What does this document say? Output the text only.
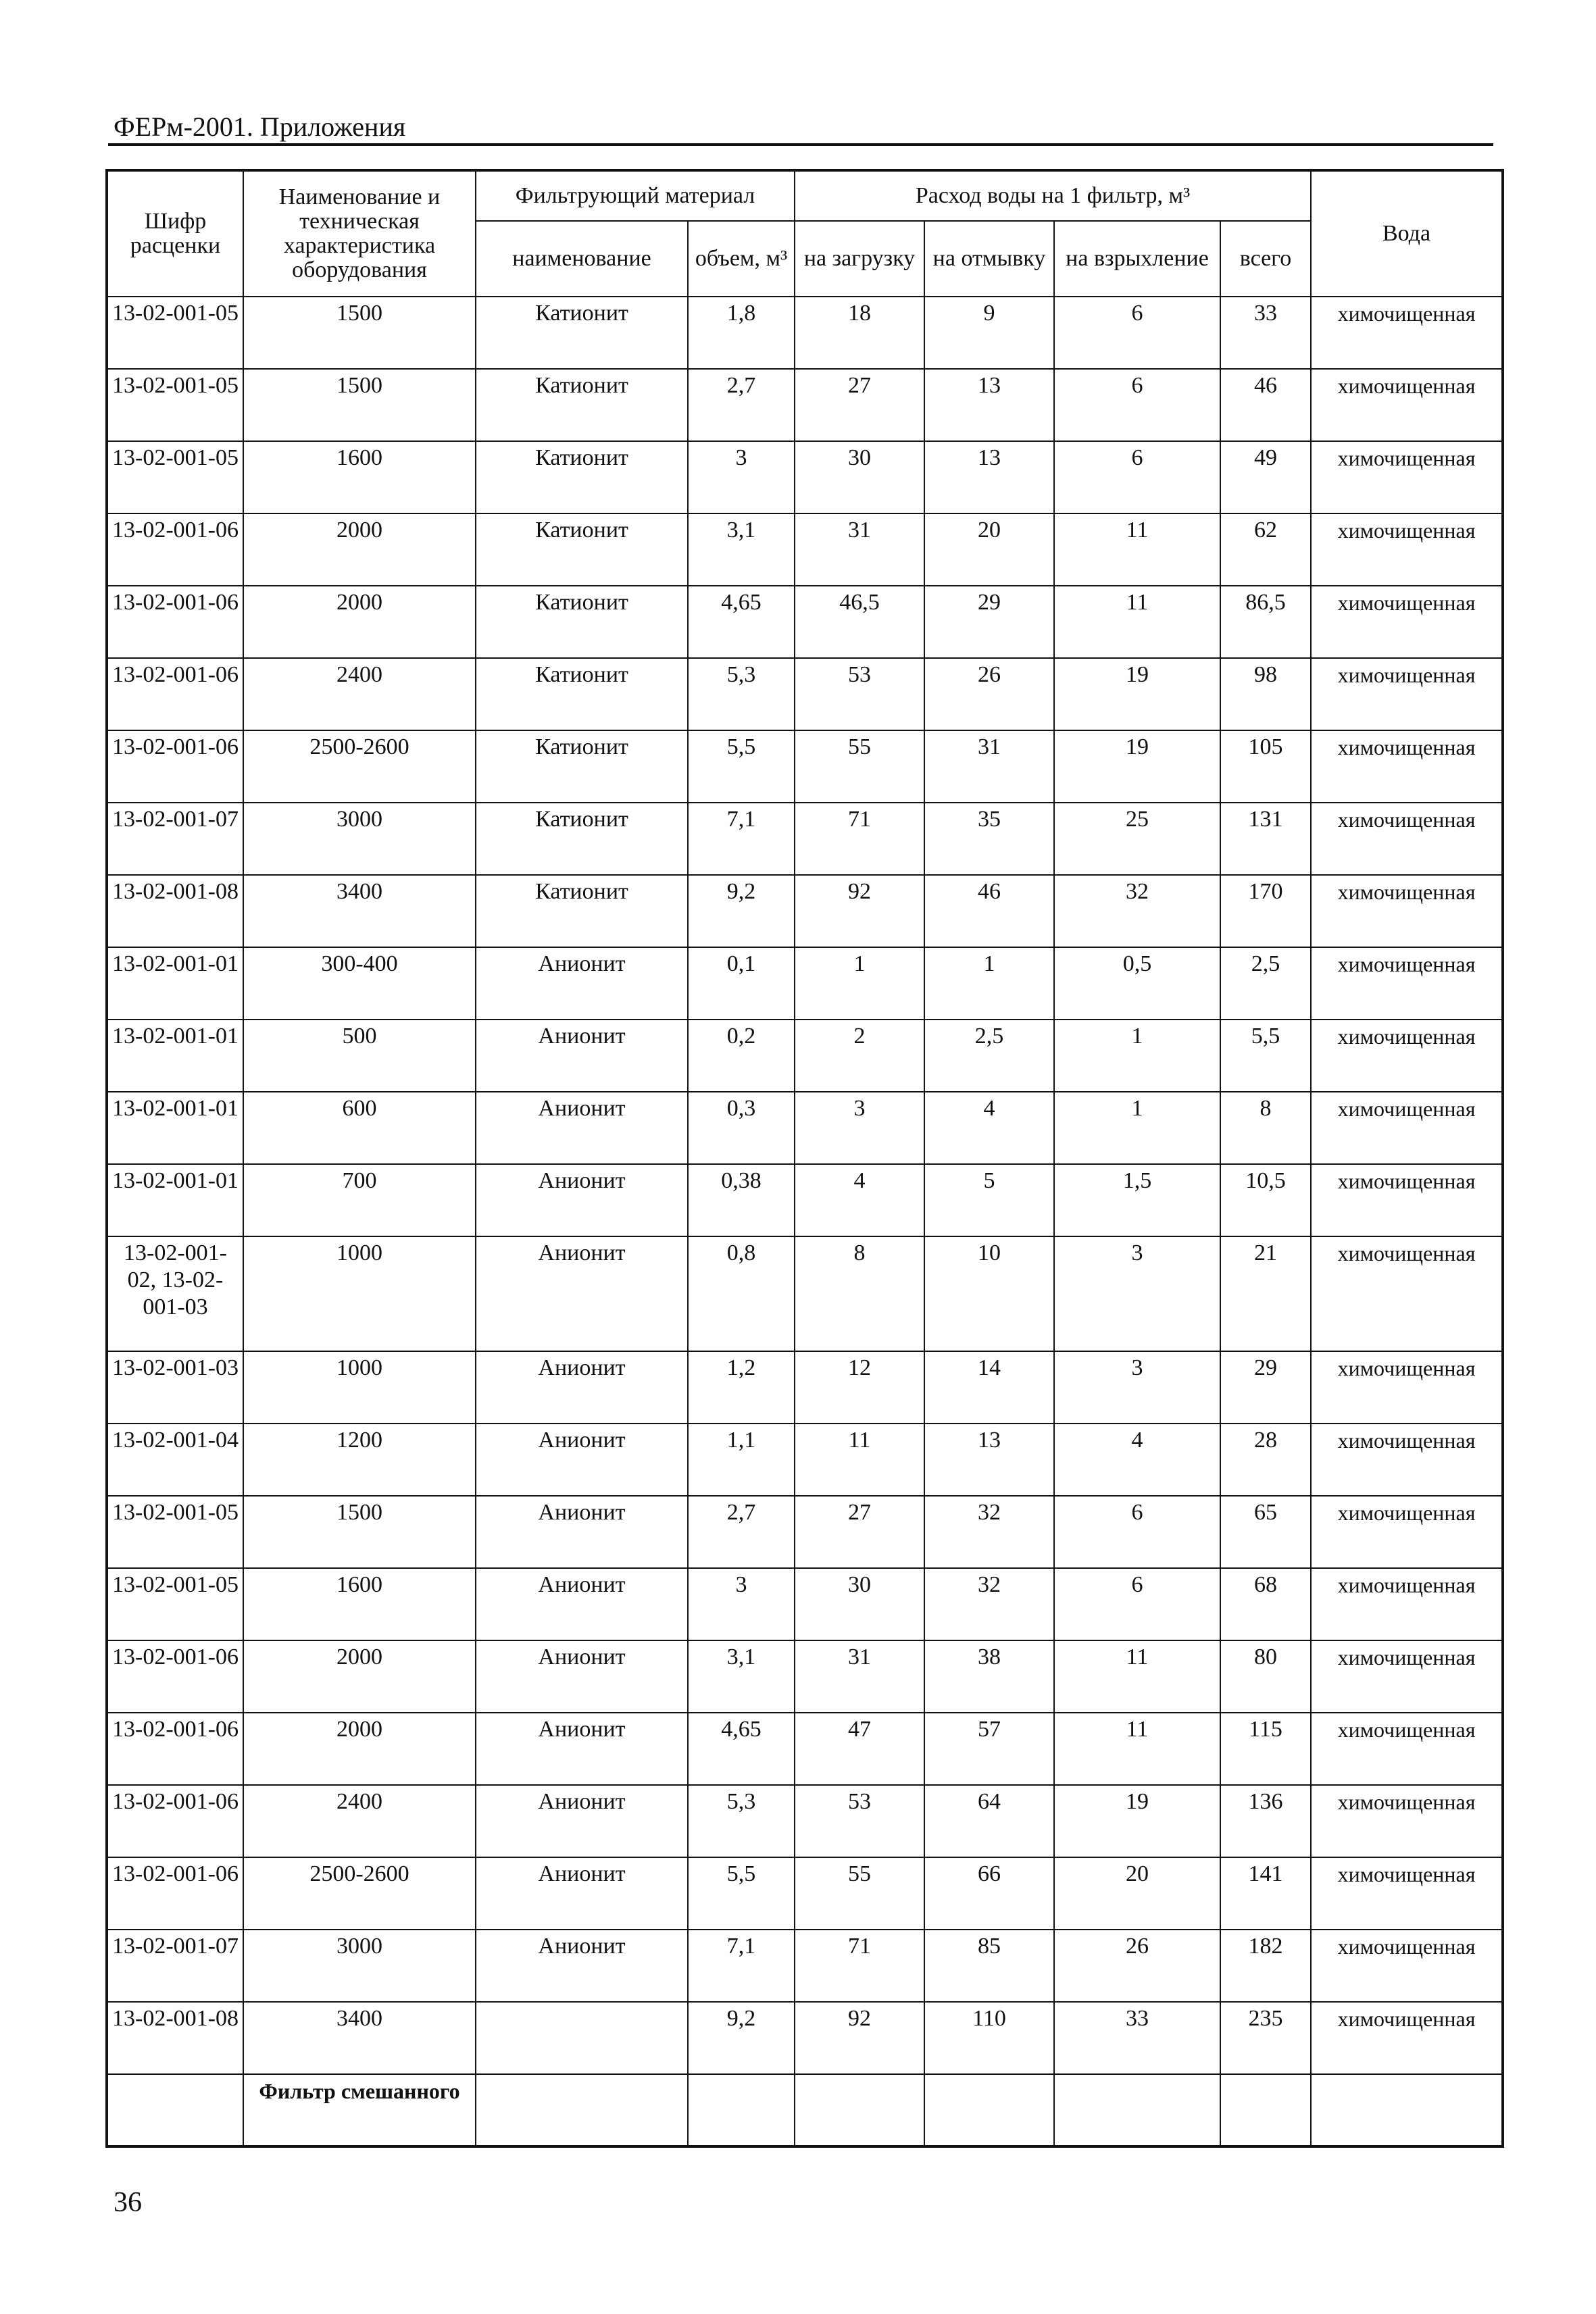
ФЕРм-2001. Приложения
Шифр расценки	Наименование и техническая характеристика оборудования	Фильтрующий материал		Расход воды на 1 фильтр, м³				Вода
		наименование	объем, м³	на загрузку	на отмывку	на взрыхление	всего	
13-02-001-05	1500	Катионит	1,8	18	9	6	33	химочищенная
13-02-001-05	1500	Катионит	2,7	27	13	6	46	химочищенная
13-02-001-05	1600	Катионит	3	30	13	6	49	химочищенная
13-02-001-06	2000	Катионит	3,1	31	20	11	62	химочищенная
13-02-001-06	2000	Катионит	4,65	46,5	29	11	86,5	химочищенная
13-02-001-06	2400	Катионит	5,3	53	26	19	98	химочищенная
13-02-001-06	2500-2600	Катионит	5,5	55	31	19	105	химочищенная
13-02-001-07	3000	Катионит	7,1	71	35	25	131	химочищенная
13-02-001-08	3400	Катионит	9,2	92	46	32	170	химочищенная
13-02-001-01	300-400	Анионит	0,1	1	1	0,5	2,5	химочищенная
13-02-001-01	500	Анионит	0,2	2	2,5	1	5,5	химочищенная
13-02-001-01	600	Анионит	0,3	3	4	1	8	химочищенная
13-02-001-01	700	Анионит	0,38	4	5	1,5	10,5	химочищенная
13-02-001-02, 13-02-001-03	1000	Анионит	0,8	8	10	3	21	химочищенная
13-02-001-03	1000	Анионит	1,2	12	14	3	29	химочищенная
13-02-001-04	1200	Анионит	1,1	11	13	4	28	химочищенная
13-02-001-05	1500	Анионит	2,7	27	32	6	65	химочищенная
13-02-001-05	1600	Анионит	3	30	32	6	68	химочищенная
13-02-001-06	2000	Анионит	3,1	31	38	11	80	химочищенная
13-02-001-06	2000	Анионит	4,65	47	57	11	115	химочищенная
13-02-001-06	2400	Анионит	5,3	53	64	19	136	химочищенная
13-02-001-06	2500-2600	Анионит	5,5	55	66	20	141	химочищенная
13-02-001-07	3000	Анионит	7,1	71	85	26	182	химочищенная
13-02-001-08	3400		9,2	92	110	33	235	химочищенная
	Фильтр смешанного							
36
